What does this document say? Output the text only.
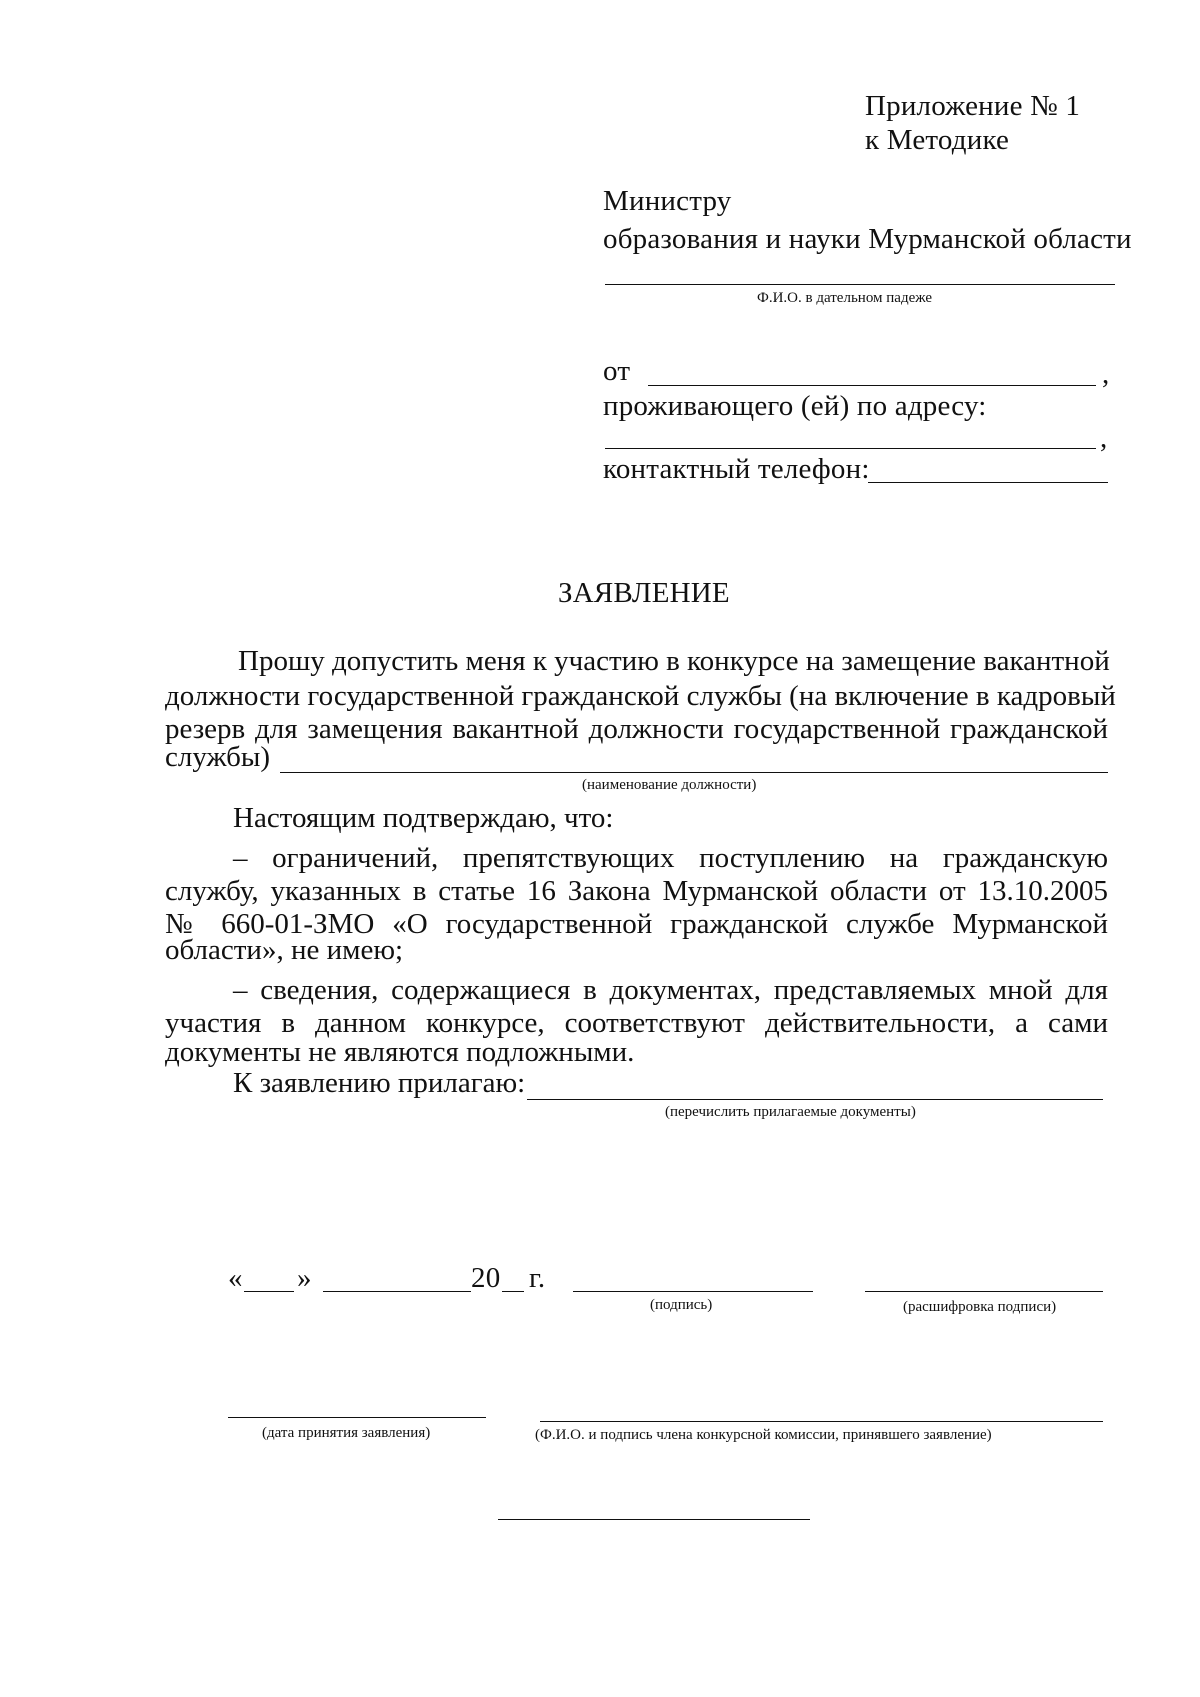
Приложение № 1
к Методике
Министру
образования и науки Мурманской области
Ф.И.О. в дательном падеже
от	,
проживающего (ей) по адресу:
,
контактный телефон:
ЗАЯВЛЕНИЕ
Прошу допустить меня к участию в конкурсе на замещение вакантной
должности государственной гражданской службы (на включение в кадровый
резерв для замещения вакантной должности государственной гражданской
службы)
(наименование должности)
Настоящим подтверждаю, что:
– ограничений, препятствующих поступлению на гражданскую
службу, указанных в статье 16 Закона Мурманской области от 13.10.2005
№ 660-01-ЗМО «О государственной гражданской службе Мурманской
области», не имею;
– сведения, содержащиеся в документах, представляемых мной для
участия в данном конкурсе, соответствуют действительности, а сами
документы не являются подложными.
К заявлению прилагаю:
(перечислить прилагаемые документы)
« »	20 г.
(подпись)	(расшифровка подписи)
(дата принятия заявления)	(Ф.И.О. и подпись члена конкурсной комиссии, принявшего заявление)
